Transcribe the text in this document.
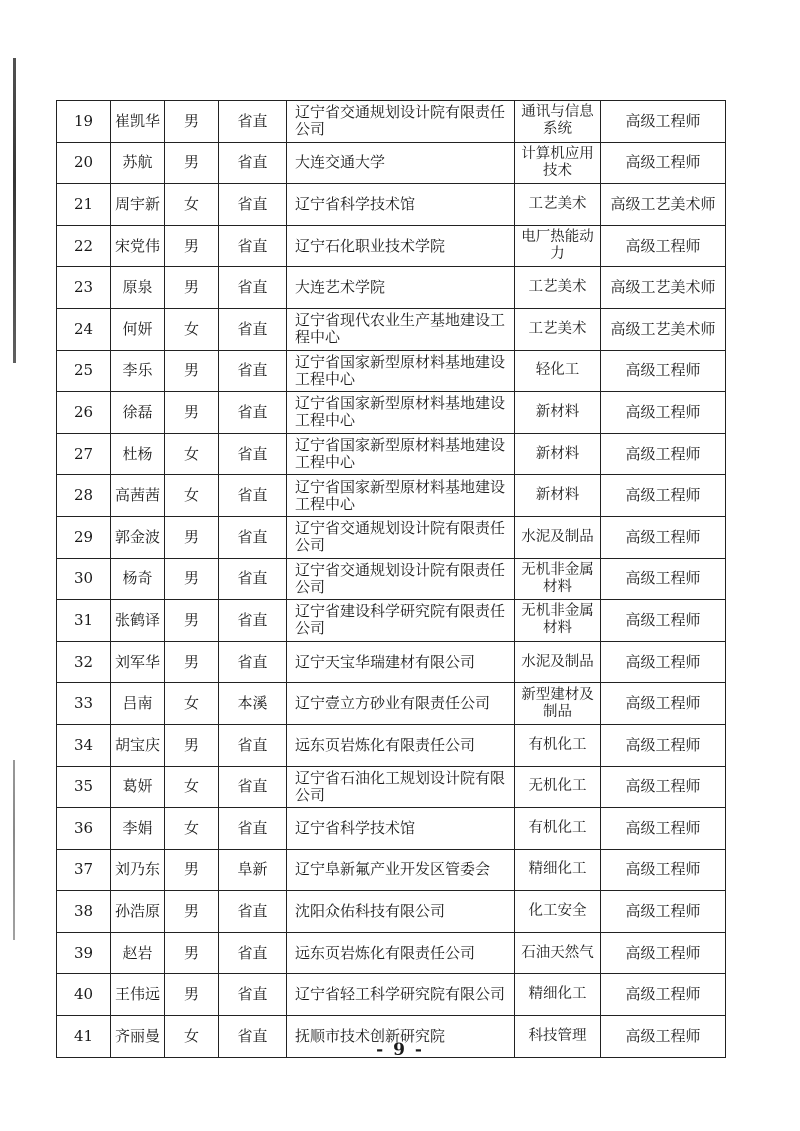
19	崔凯华	男	省直	辽宁省交通规划设计院有限责任公司	通讯与信息系统	高级工程师
20	苏航	男	省直	大连交通大学	计算机应用技术	高级工程师
21	周宇新	女	省直	辽宁省科学技术馆	工艺美术	高级工艺美术师
22	宋党伟	男	省直	辽宁石化职业技术学院	电厂热能动力	高级工程师
23	原泉	男	省直	大连艺术学院	工艺美术	高级工艺美术师
24	何妍	女	省直	辽宁省现代农业生产基地建设工程中心	工艺美术	高级工艺美术师
25	李乐	男	省直	辽宁省国家新型原材料基地建设工程中心	轻化工	高级工程师
26	徐磊	男	省直	辽宁省国家新型原材料基地建设工程中心	新材料	高级工程师
27	杜杨	女	省直	辽宁省国家新型原材料基地建设工程中心	新材料	高级工程师
28	高茜茜	女	省直	辽宁省国家新型原材料基地建设工程中心	新材料	高级工程师
29	郭金波	男	省直	辽宁省交通规划设计院有限责任公司	水泥及制品	高级工程师
30	杨奇	男	省直	辽宁省交通规划设计院有限责任公司	无机非金属材料	高级工程师
31	张鹤译	男	省直	辽宁省建设科学研究院有限责任公司	无机非金属材料	高级工程师
32	刘军华	男	省直	辽宁天宝华瑞建材有限公司	水泥及制品	高级工程师
33	吕南	女	本溪	辽宁壹立方砂业有限责任公司	新型建材及制品	高级工程师
34	胡宝庆	男	省直	远东页岩炼化有限责任公司	有机化工	高级工程师
35	葛妍	女	省直	辽宁省石油化工规划设计院有限公司	无机化工	高级工程师
36	李娟	女	省直	辽宁省科学技术馆	有机化工	高级工程师
37	刘乃东	男	阜新	辽宁阜新氟产业开发区管委会	精细化工	高级工程师
38	孙浩原	男	省直	沈阳众佑科技有限公司	化工安全	高级工程师
39	赵岩	男	省直	远东页岩炼化有限责任公司	石油天然气	高级工程师
40	王伟远	男	省直	辽宁省轻工科学研究院有限公司	精细化工	高级工程师
41	齐丽曼	女	省直	抚顺市技术创新研究院	科技管理	高级工程师
- 9 -
